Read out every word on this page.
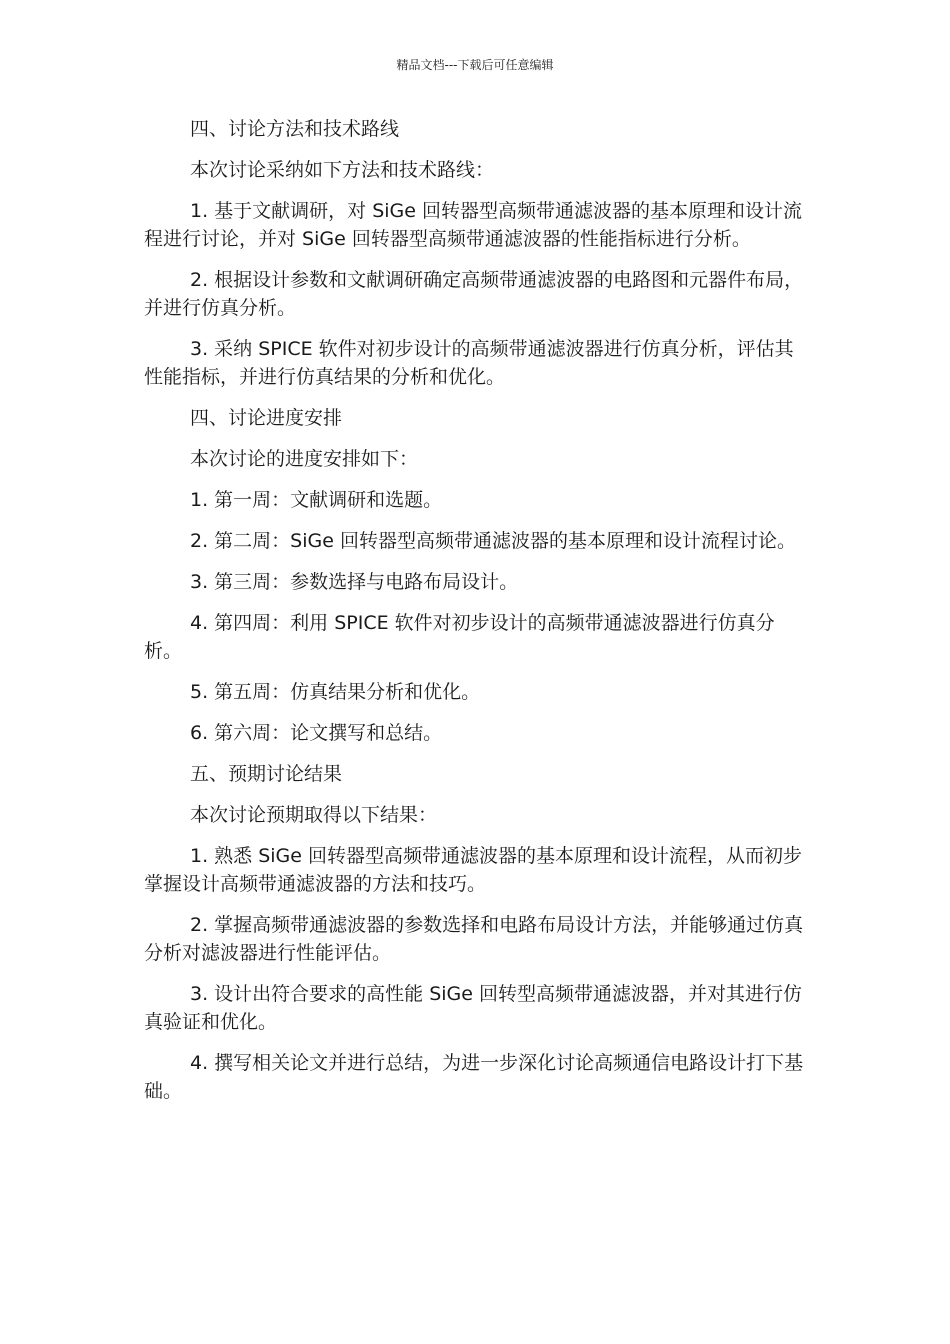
精品文档---下载后可任意编辑

四、讨论方法和技术路线

本次讨论采纳如下方法和技术路线：

1. 基于文献调研，对 SiGe 回转器型高频带通滤波器的基本原理和设计流程进行讨论，并对 SiGe 回转器型高频带通滤波器的性能指标进行分析。

2. 根据设计参数和文献调研确定高频带通滤波器的电路图和元器件布局，并进行仿真分析。

3. 采纳 SPICE 软件对初步设计的高频带通滤波器进行仿真分析，评估其性能指标，并进行仿真结果的分析和优化。

四、讨论进度安排

本次讨论的进度安排如下：

1. 第一周：文献调研和选题。

2. 第二周：SiGe 回转器型高频带通滤波器的基本原理和设计流程讨论。

3. 第三周：参数选择与电路布局设计。

4. 第四周：利用 SPICE 软件对初步设计的高频带通滤波器进行仿真分析。

5. 第五周：仿真结果分析和优化。

6. 第六周：论文撰写和总结。

五、预期讨论结果

本次讨论预期取得以下结果：

1. 熟悉 SiGe 回转器型高频带通滤波器的基本原理和设计流程，从而初步掌握设计高频带通滤波器的方法和技巧。

2. 掌握高频带通滤波器的参数选择和电路布局设计方法，并能够通过仿真分析对滤波器进行性能评估。

3. 设计出符合要求的高性能 SiGe 回转型高频带通滤波器，并对其进行仿真验证和优化。

4. 撰写相关论文并进行总结，为进一步深化讨论高频通信电路设计打下基础。
